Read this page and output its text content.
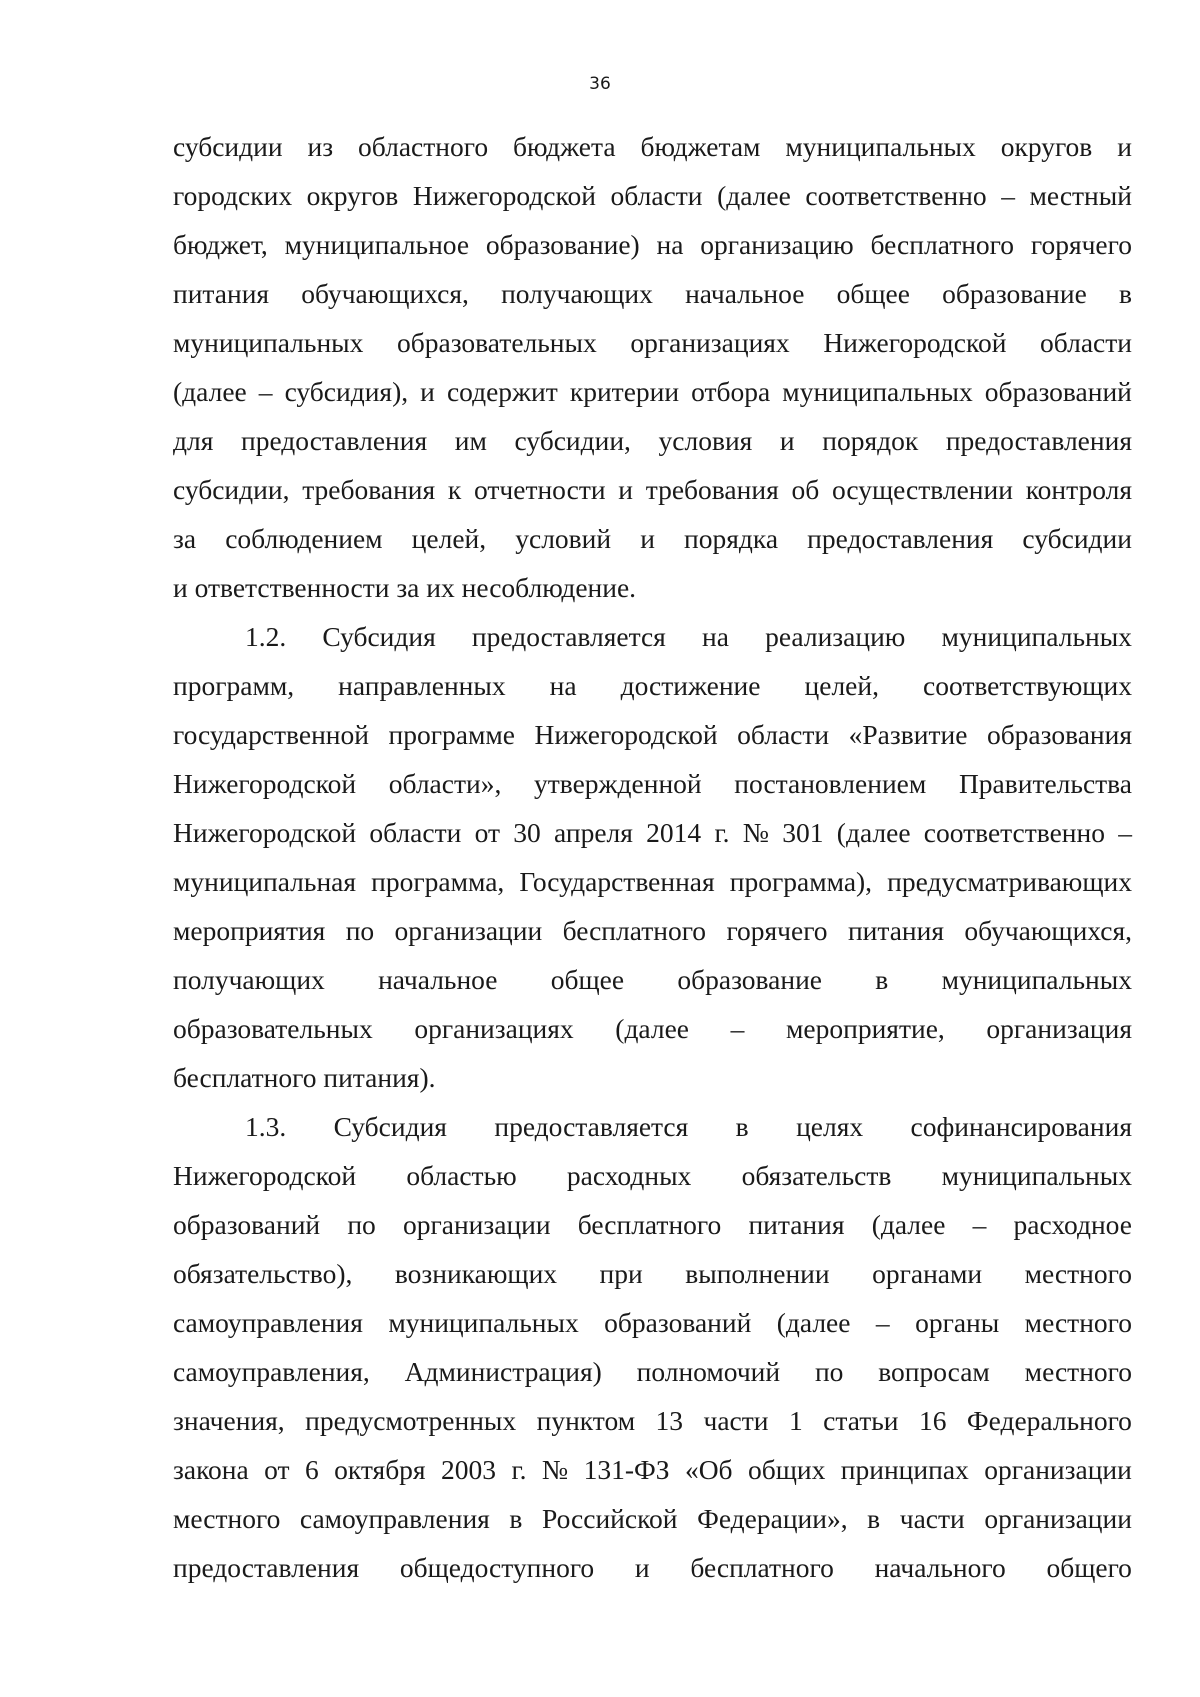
36
субсидии из областного бюджета бюджетам муниципальных округов и
городских округов Нижегородской области (далее соответственно – местный
бюджет, муниципальное образование) на организацию бесплатного горячего
питания обучающихся, получающих начальное общее образование в
муниципальных образовательных организациях Нижегородской области
(далее – субсидия), и содержит критерии отбора муниципальных образований
для предоставления им субсидии, условия и порядок предоставления
субсидии, требования к отчетности и требования об осуществлении контроля
за соблюдением целей, условий и порядка предоставления субсидии
и ответственности за их несоблюдение.
1.2. Субсидия предоставляется на реализацию муниципальных
программ, направленных на достижение целей, соответствующих
государственной программе Нижегородской области «Развитие образования
Нижегородской области», утвержденной постановлением Правительства
Нижегородской области от 30 апреля 2014 г. № 301 (далее соответственно –
муниципальная программа, Государственная программа), предусматривающих
мероприятия по организации бесплатного горячего питания обучающихся,
получающих начальное общее образование в муниципальных
образовательных организациях (далее – мероприятие, организация
бесплатного питания).
1.3. Субсидия предоставляется в целях софинансирования
Нижегородской областью расходных обязательств муниципальных
образований по организации бесплатного питания (далее – расходное
обязательство), возникающих при выполнении органами местного
самоуправления муниципальных образований (далее – органы местного
самоуправления, Администрация) полномочий по вопросам местного
значения, предусмотренных пунктом 13 части 1 статьи 16 Федерального
закона от 6 октября 2003 г. № 131-ФЗ «Об общих принципах организации
местного самоуправления в Российской Федерации», в части организации
предоставления общедоступного и бесплатного начального общего
